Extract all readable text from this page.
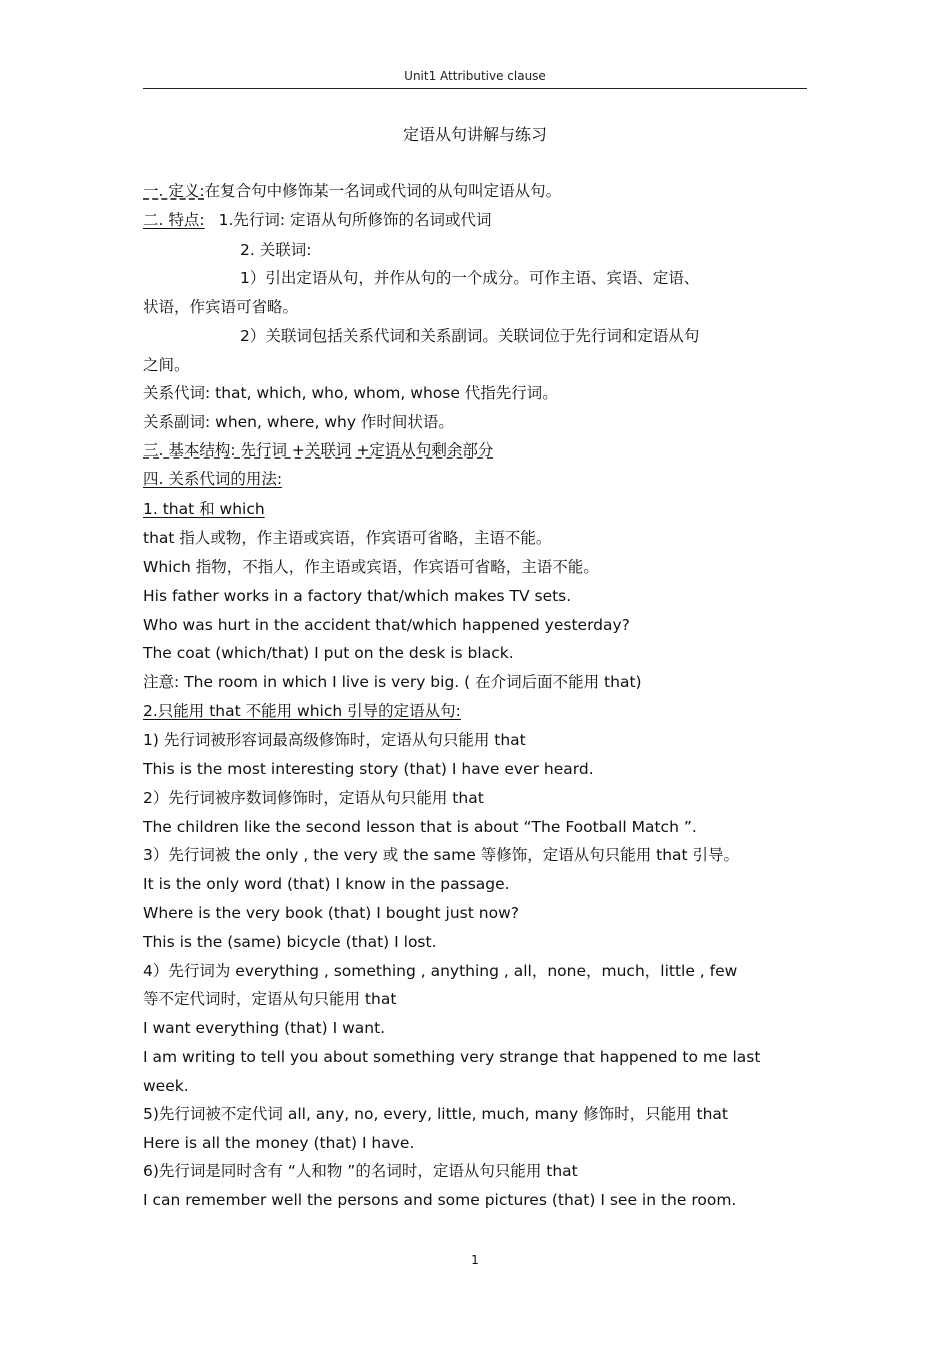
Unit1 Attributive clause
定语从句讲解与练习
一. 定义:在复合句中修饰某一名词或代词的从句叫定语从句。
二. 特点: 1.先行词: 定语从句所修饰的名词或代词
2. 关联词:
1）引出定语从句，并作从句的一个成分。可作主语、宾语、定语、
状语，作宾语可省略。
2）关联词包括关系代词和关系副词。关联词位于先行词和定语从句
之间。
关系代词: that, which, who, whom, whose 代指先行词。
关系副词: when, where, why 作时间状语。
三. 基本结构: 先行词 +关联词 +定语从句剩余部分
四. 关系代词的用法:
1. that 和 which
that 指人或物，作主语或宾语，作宾语可省略，主语不能。
Which 指物，不指人，作主语或宾语，作宾语可省略，主语不能。
His father works in a factory that/which makes TV sets.
Who was hurt in the accident that/which happened yesterday?
The coat (which/that) I put on the desk is black.
注意: The room in which I live is very big. ( 在介词后面不能用 that)
2.只能用 that 不能用 which 引导的定语从句:
1) 先行词被形容词最高级修饰时，定语从句只能用 that
This is the most interesting story (that) I have ever heard.
2）先行词被序数词修饰时，定语从句只能用 that
The children like the second lesson that is about “The Football Match ”.
3）先行词被 the only , the very 或 the same 等修饰，定语从句只能用 that 引导。
It is the only word (that) I know in the passage.
Where is the very book (that) I bought just now?
This is the (same) bicycle (that) I lost.
4）先行词为 everything , something , anything , all，none，much，little , few
等不定代词时，定语从句只能用 that
I want everything (that) I want.
I am writing to tell you about something very strange that happened to me last
week.
5)先行词被不定代词 all, any, no, every, little, much, many 修饰时，只能用 that
Here is all the money (that) I have.
6)先行词是同时含有 “人和物 ”的名词时，定语从句只能用 that
I can remember well the persons and some pictures (that) I see in the room.
1
